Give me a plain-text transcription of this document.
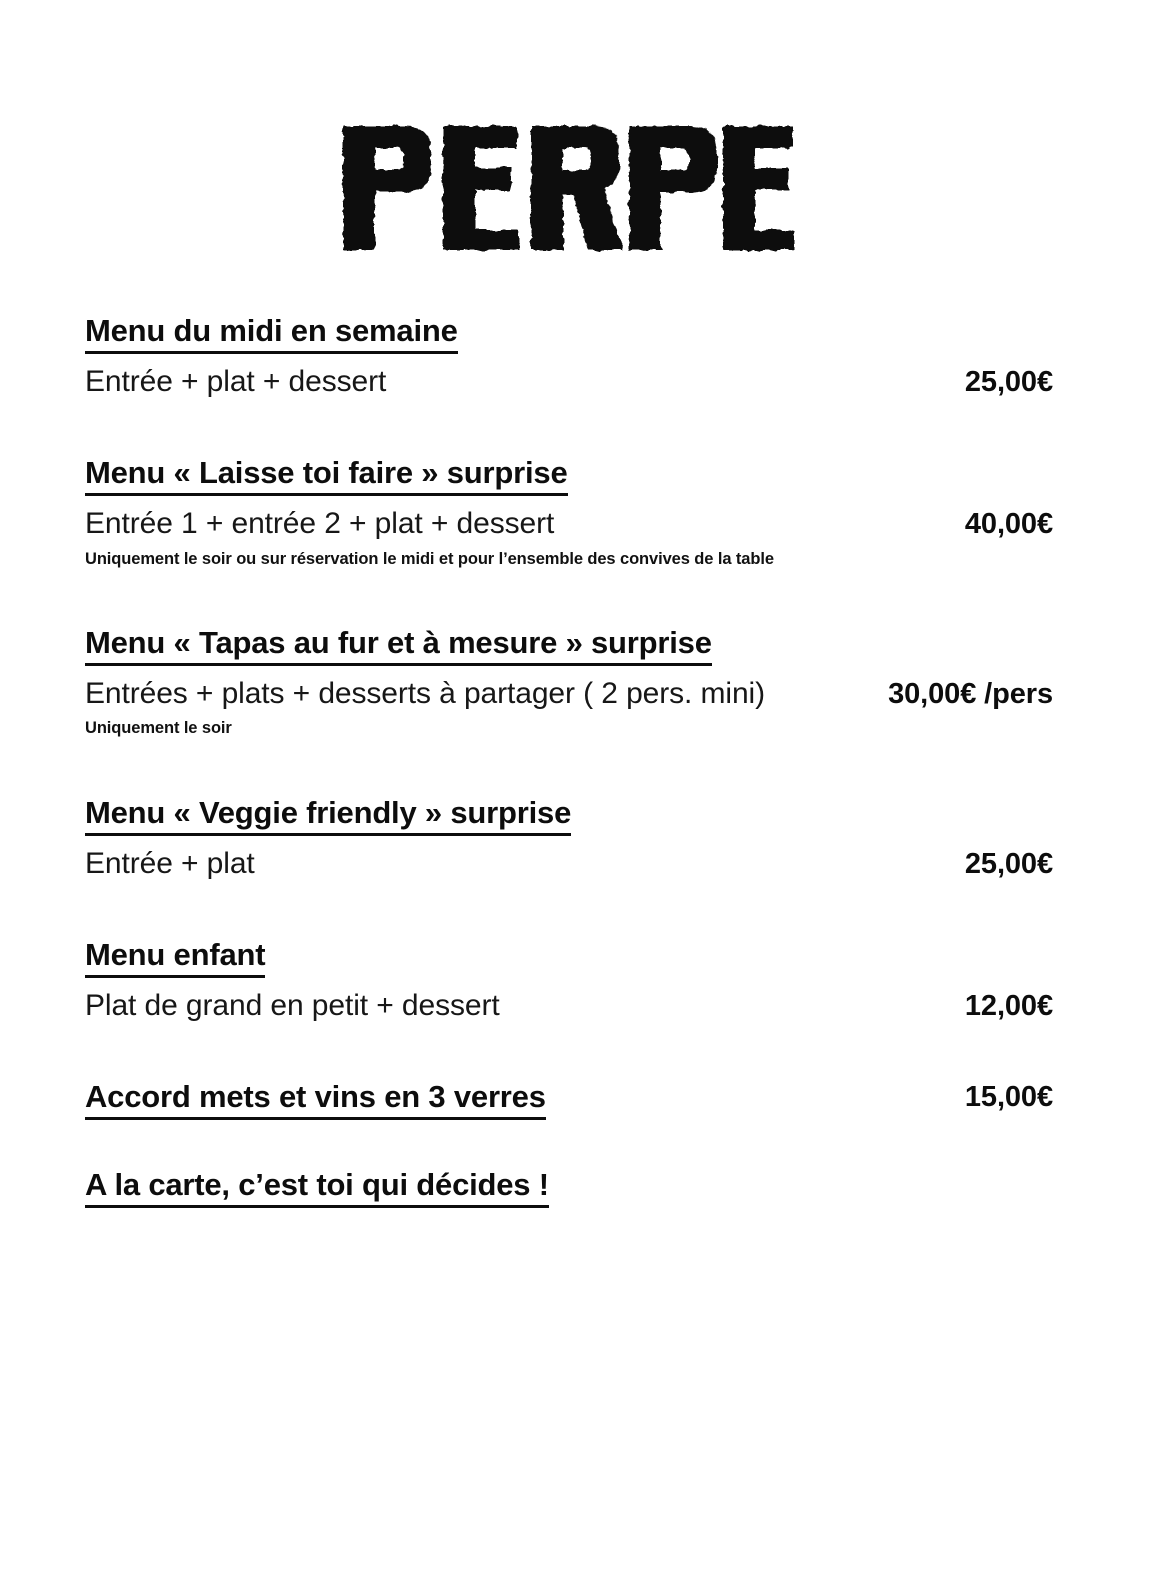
Menu du midi en semaine
Entrée + plat + dessert	25,00€
Menu « Laisse toi faire » surprise
Entrée 1 + entrée 2 + plat + dessert	40,00€
Uniquement le soir ou sur réservation le midi et pour l’ensemble des convives de la table
Menu « Tapas au fur et à mesure » surprise
Entrées + plats + desserts à partager ( 2 pers. mini)	30,00€ /pers
Uniquement le soir
Menu « Veggie friendly » surprise
Entrée + plat	25,00€
Menu enfant
Plat de grand en petit + dessert	12,00€
Accord mets et vins en 3 verres	15,00€
A la carte, c’est toi qui décides !
